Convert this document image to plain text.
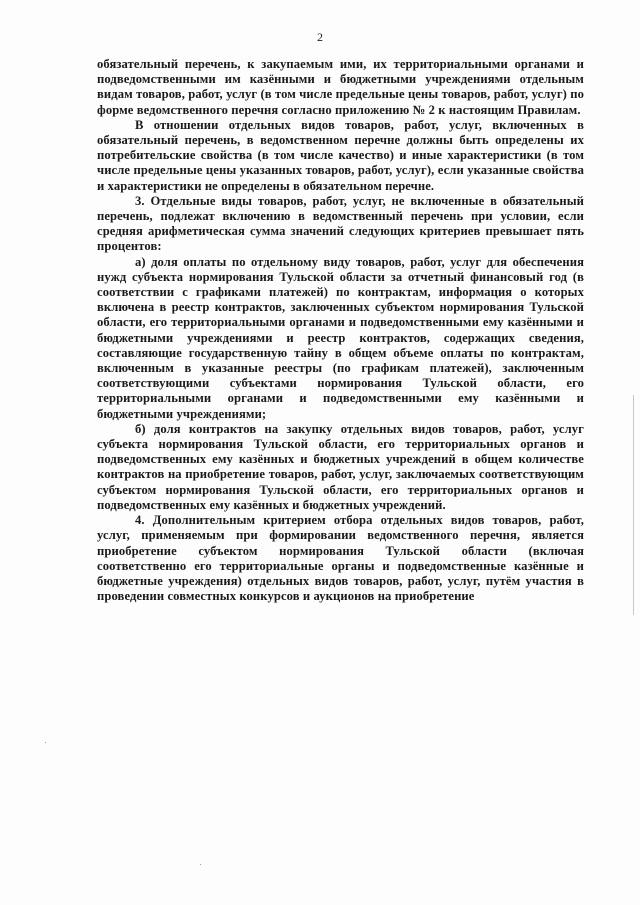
2

обязательный перечень, к закупаемым ими, их территориальными органами и подведомственными им казёнными и бюджетными учреждениями отдельным видам товаров, работ, услуг (в том числе предельные цены товаров, работ, услуг) по форме ведомственного перечня согласно приложению № 2 к настоящим Правилам.

В отношении отдельных видов товаров, работ, услуг, включенных в обязательный перечень, в ведомственном перечне должны быть определены их потребительские свойства (в том числе качество) и иные характеристики (в том числе предельные цены указанных товаров, работ, услуг), если указанные свойства и характеристики не определены в обязательном перечне.

3. Отдельные виды товаров, работ, услуг, не включенные в обязательный перечень, подлежат включению в ведомственный перечень при условии, если средняя арифметическая сумма значений следующих критериев превышает пять процентов:

а) доля оплаты по отдельному виду товаров, работ, услуг для обеспечения нужд субъекта нормирования Тульской области за отчетный финансовый год (в соответствии с графиками платежей) по контрактам, информация о которых включена в реестр контрактов, заключенных субъектом нормирования Тульской области, его территориальными органами и подведомственными ему казёнными и бюджетными учреждениями и реестр контрактов, содержащих сведения, составляющие государственную тайну в общем объеме оплаты по контрактам, включенным в указанные реестры (по графикам платежей), заключенным соответствующими субъектами нормирования Тульской области, его территориальными органами и подведомственными ему казёнными и бюджетными учреждениями;

б) доля контрактов на закупку отдельных видов товаров, работ, услуг субъекта нормирования Тульской области, его территориальных органов и подведомственных ему казённых и бюджетных учреждений в общем количестве контрактов на приобретение товаров, работ, услуг, заключаемых соответствующим субъектом нормирования Тульской области, его территориальных органов и подведомственных ему казённых и бюджетных учреждений.

4. Дополнительным критерием отбора отдельных видов товаров, работ, услуг, применяемым при формировании ведомственного перечня, является приобретение субъектом нормирования Тульской области (включая соответственно его территориальные органы и подведомственные казённые и бюджетные учреждения) отдельных видов товаров, работ, услуг, путём участия в проведении совместных конкурсов и аукционов на приобретение
